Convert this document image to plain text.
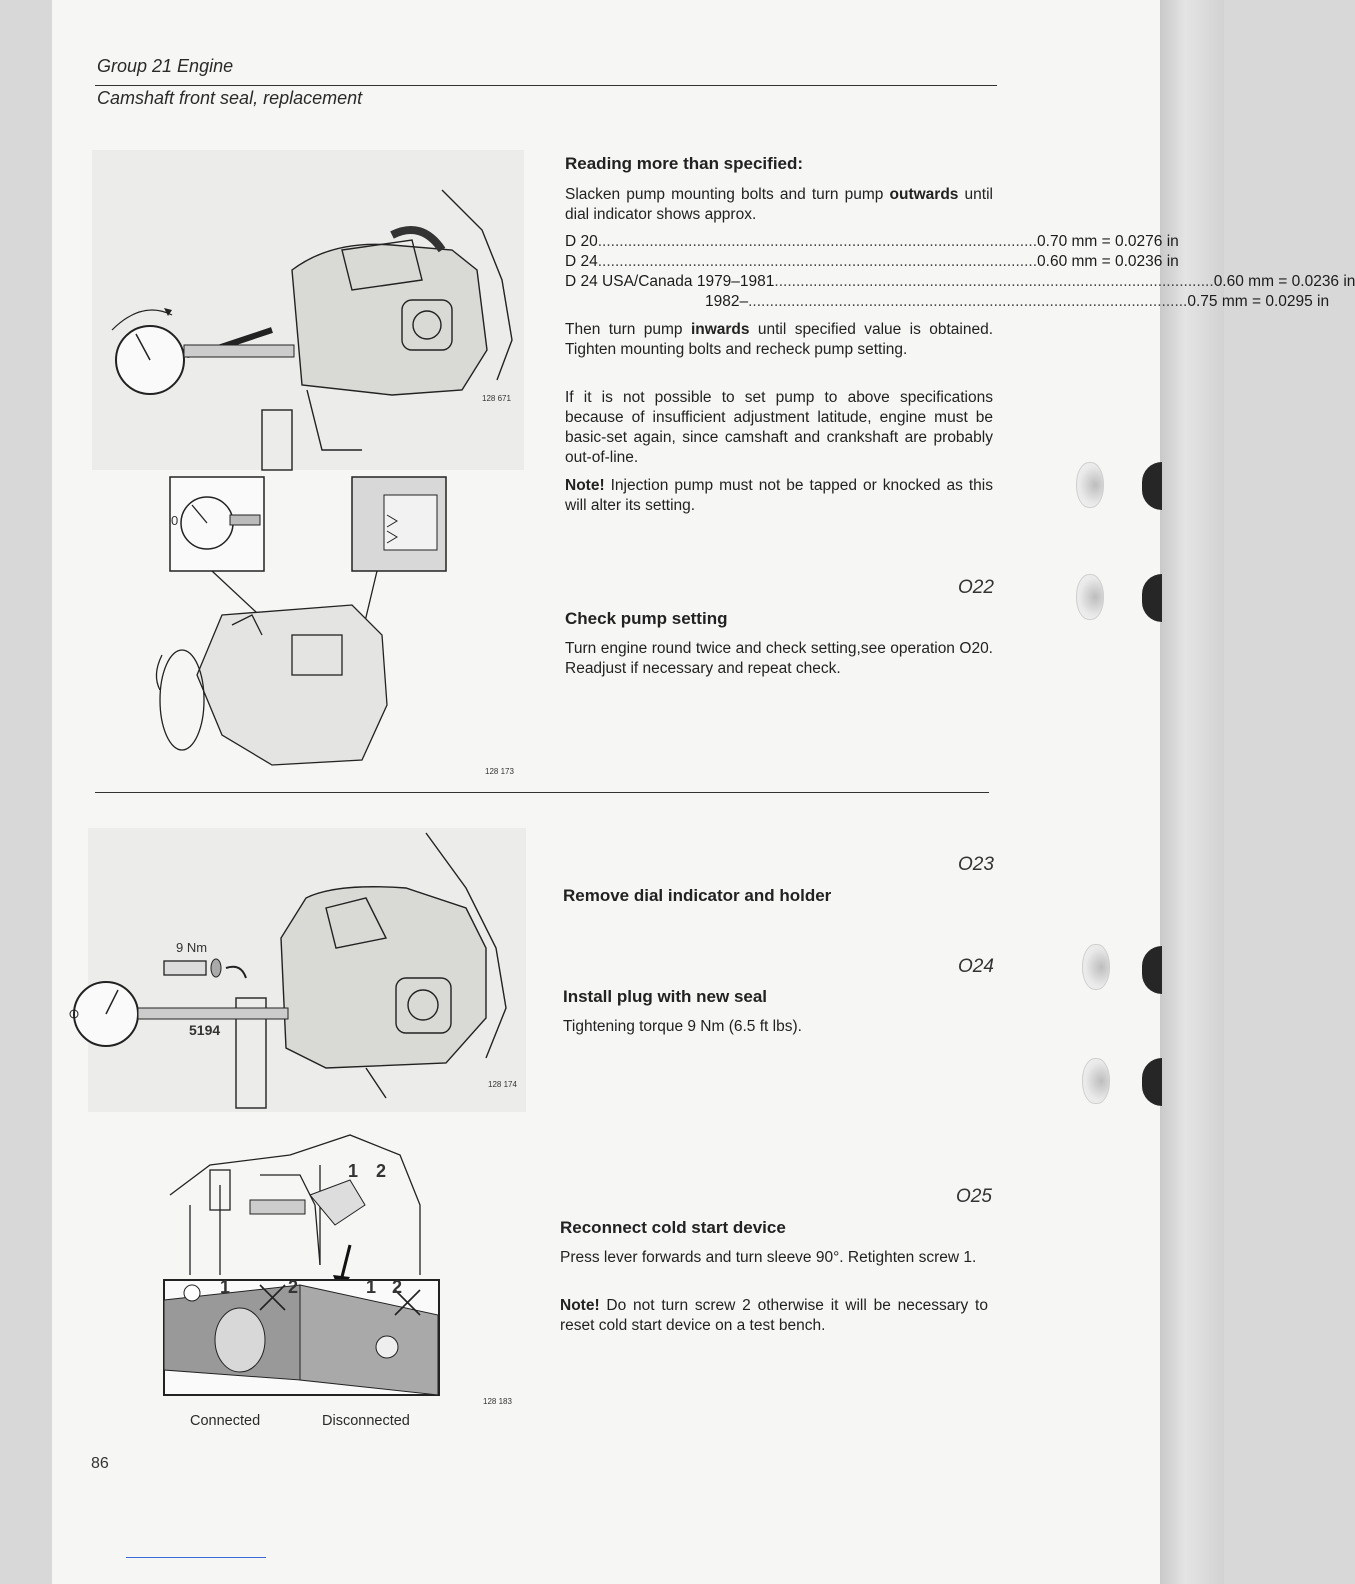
Group 21 Engine
Camshaft front seal, replacement
128 671
0
128 173
Reading more than specified:
Slacken pump mounting bolts and turn pump outwards until dial indicator shows approx.
D 20 ...................................................................................................... 0.70 mm = 0.0276 in
D 24 ...................................................................................................... 0.60 mm = 0.0236 in
D 24 USA/Canada 1979–1981 ...................................................................................................... 0.60 mm = 0.0236 in
1982– ...................................................................................................... 0.75 mm = 0.0295 in
Then turn pump inwards until specified value is obtained. Tighten mounting bolts and recheck pump setting.
If it is not possible to set pump to above specifications because of insufficient adjustment latitude, engine must be basic-set again, since camshaft and crankshaft are probably out-of-line.
Note! Injection pump must not be tapped or knocked as this will alter its setting.
O22
Check pump setting
Turn engine round twice and check setting,see operation O20. Readjust if necessary and repeat check.
9 Nm
5194
128 174
O23
Remove dial indicator and holder
O24
Install plug with new seal
Tightening torque 9 Nm (6.5 ft lbs).
1 2
1	2	1 2
128 183
Connected	Disconnected
O25
Reconnect cold start device
Press lever forwards and turn sleeve 90°. Retighten screw 1.
Note! Do not turn screw 2 otherwise it will be necessary to reset cold start device on a test bench.
86
